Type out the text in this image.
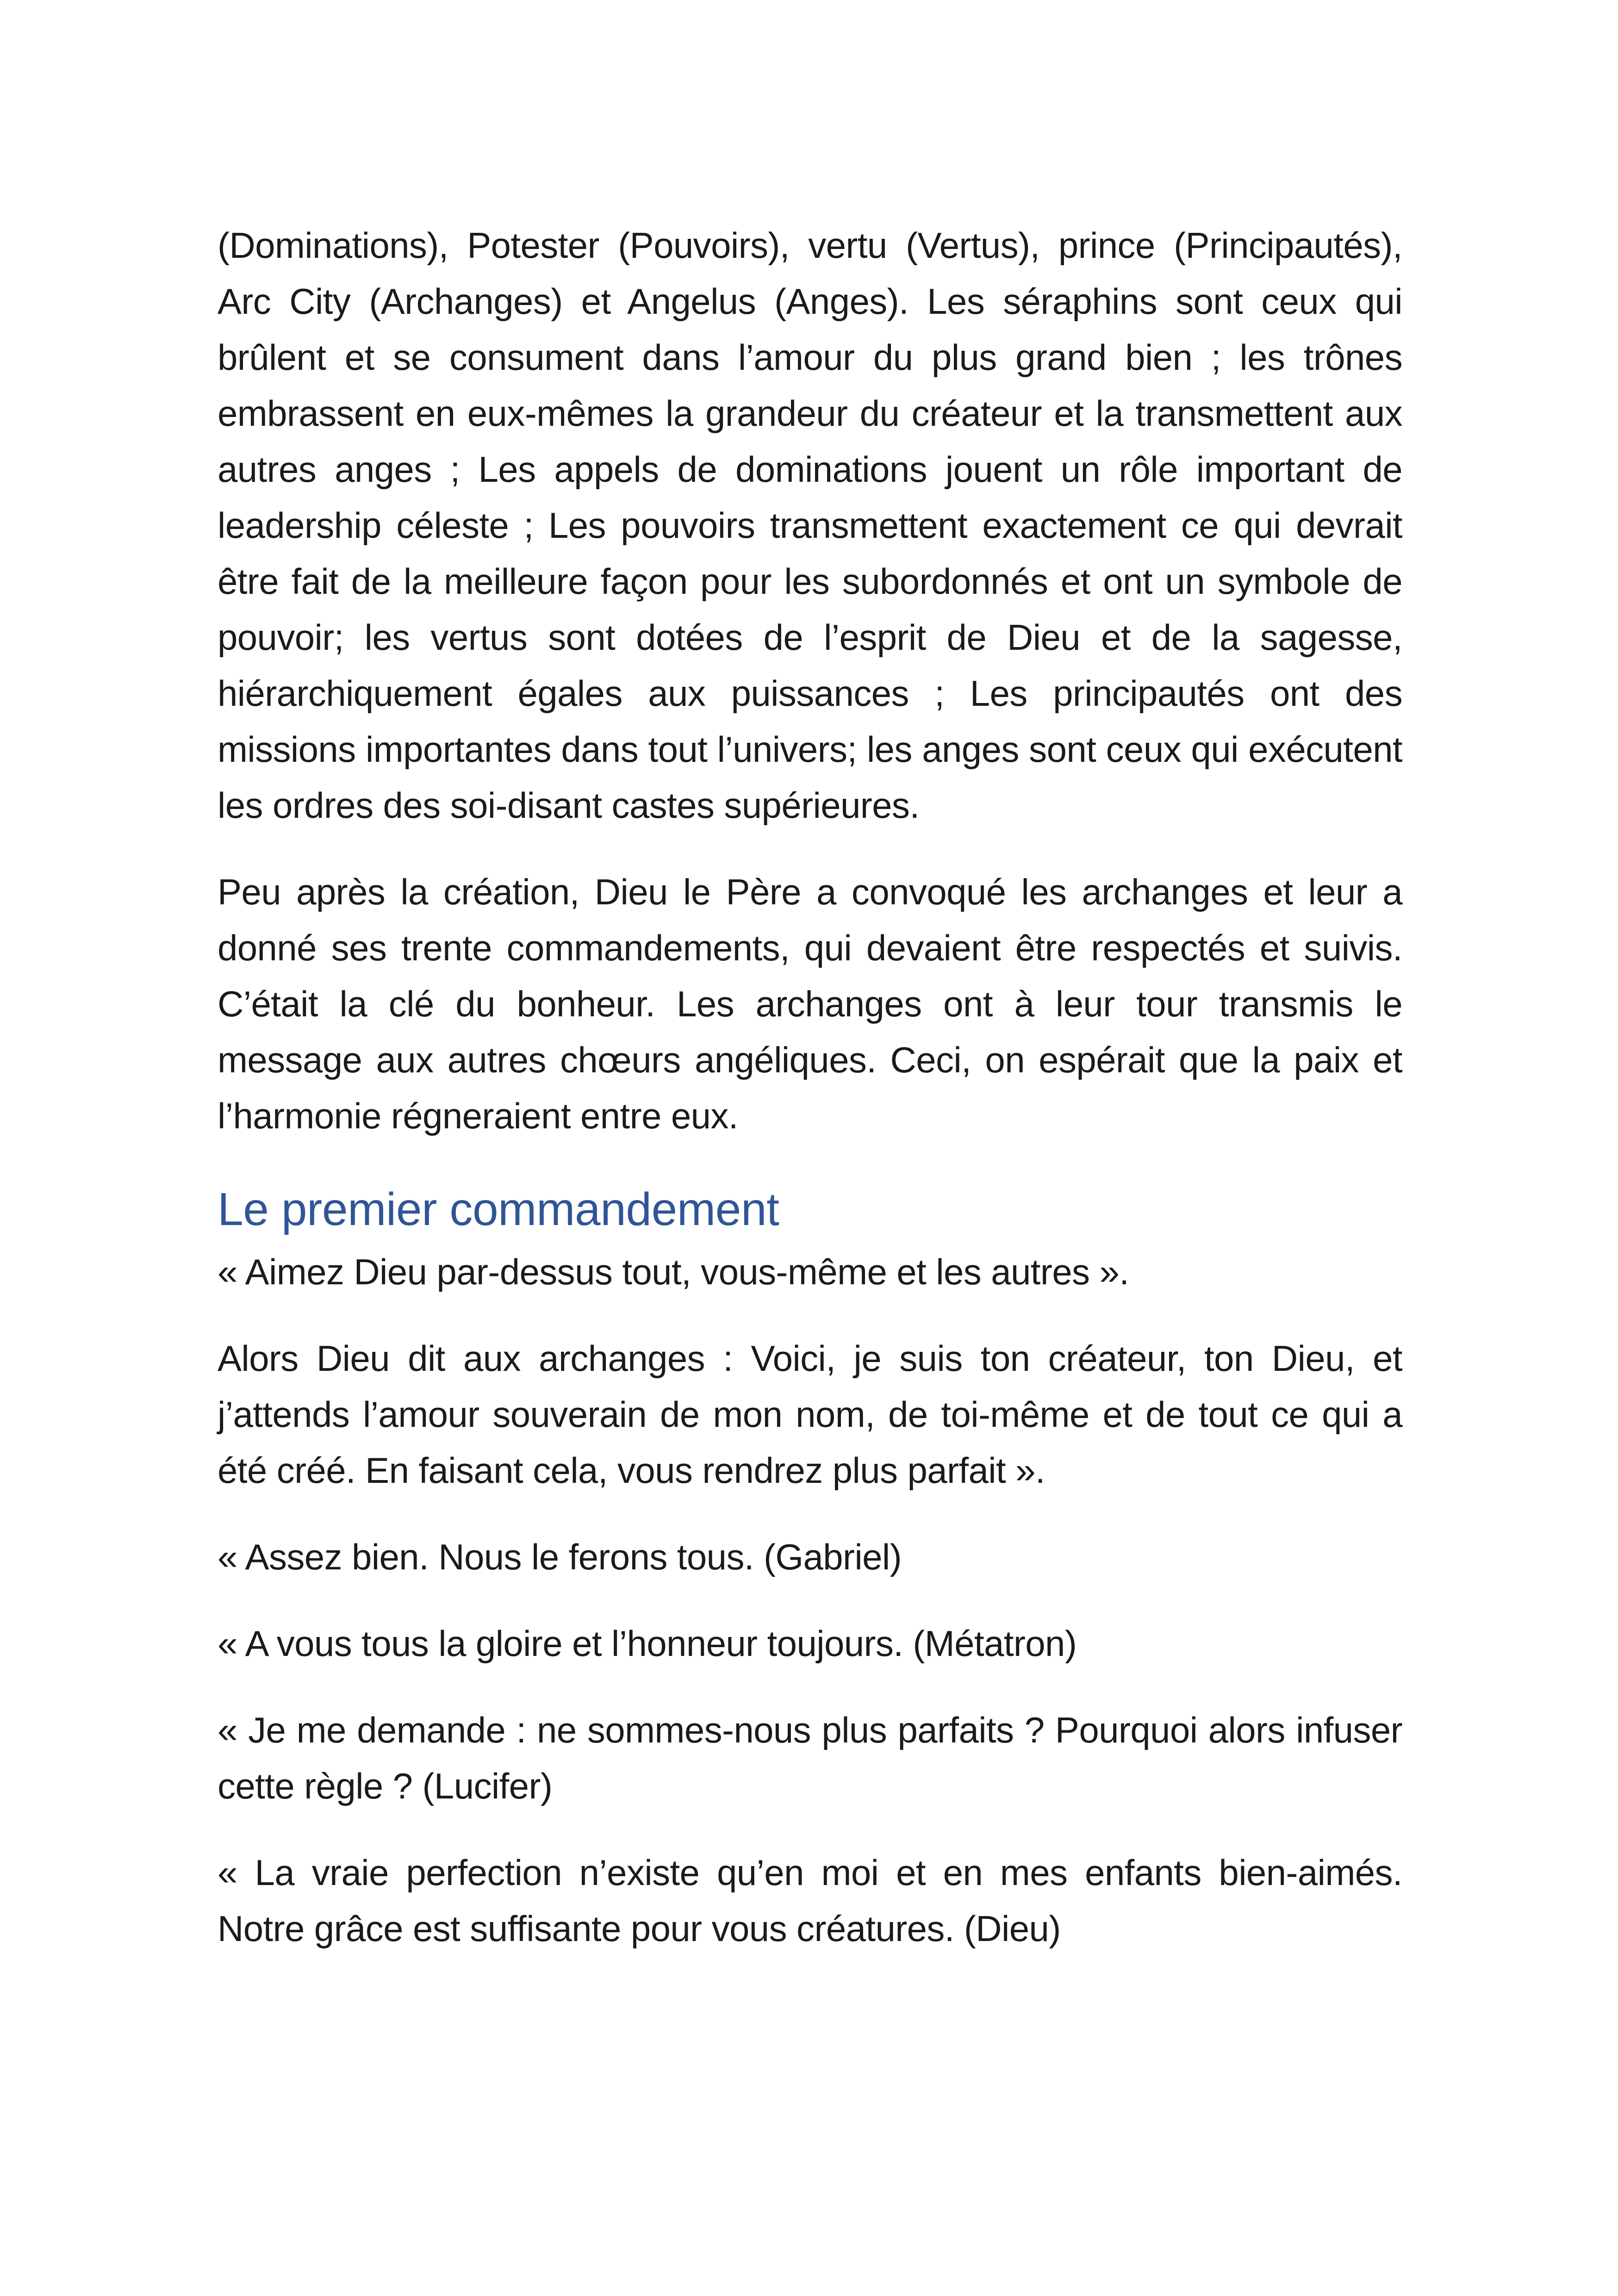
(Dominations), Potester (Pouvoirs), vertu (Vertus), prince (Principautés), Arc City (Archanges) et Angelus (Anges). Les séraphins sont ceux qui brûlent et se consument dans l’amour du plus grand bien ; les trônes embrassent en eux-mêmes la grandeur du créateur et la transmettent aux autres anges ; Les appels de dominations jouent un rôle important de leadership céleste ; Les pouvoirs transmettent exactement ce qui devrait être fait de la meilleure façon pour les subordonnés et ont un symbole de pouvoir; les vertus sont dotées de l’esprit de Dieu et de la sagesse, hiérarchiquement égales aux puissances ; Les principautés ont des missions importantes dans tout l’univers; les anges sont ceux qui exécutent les ordres des soi-disant castes supérieures.

Peu après la création, Dieu le Père a convoqué les archanges et leur a donné ses trente commandements, qui devaient être respectés et suivis. C’était la clé du bonheur. Les archanges ont à leur tour transmis le message aux autres chœurs angéliques. Ceci, on espérait que la paix et l’harmonie régneraient entre eux.

Le premier commandement

« Aimez Dieu par-dessus tout, vous-même et les autres ».

Alors Dieu dit aux archanges : Voici, je suis ton créateur, ton Dieu, et j’attends l’amour souverain de mon nom, de toi-même et de tout ce qui a été créé. En faisant cela, vous rendrez plus parfait ».

« Assez bien. Nous le ferons tous. (Gabriel)

« A vous tous la gloire et l’honneur toujours. (Métatron)

« Je me demande : ne sommes-nous plus parfaits ? Pourquoi alors infuser cette règle ? (Lucifer)

« La vraie perfection n’existe qu’en moi et en mes enfants bien-aimés. Notre grâce est suffisante pour vous créatures. (Dieu)
